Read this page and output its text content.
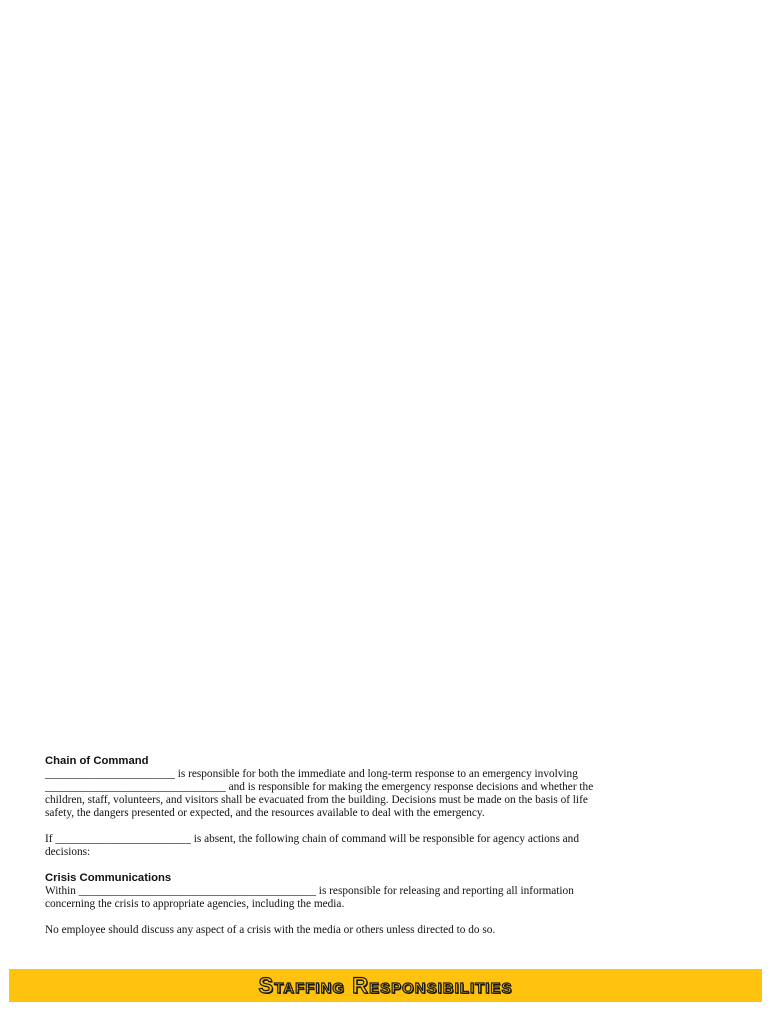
Chain of Command

_______________________ is responsible for both the immediate and long-term response to an emergency involving

________________________________ and is responsible for making the emergency response decisions and whether the

children, staff, volunteers, and visitors shall be evacuated from the building. Decisions must be made on the basis of life

safety, the dangers presented or expected, and the resources available to deal with the emergency.

If ________________________ is absent, the following chain of command will be responsible for agency actions and

decisions:

Crisis Communications

Within __________________________________________ is responsible for releasing and reporting all information

concerning the crisis to appropriate agencies, including the media.

No employee should discuss any aspect of a crisis with the media or others unless directed to do so.

Staffing Responsibilities
